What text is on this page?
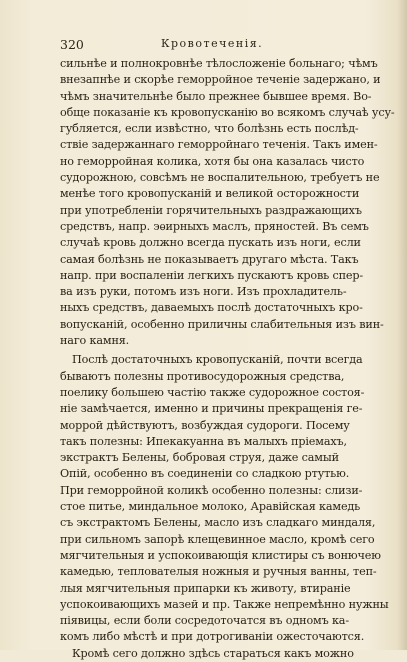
320	Кровотеченія.
сильнѣе и полнокровнѣе тѣлосложеніе больнаго; чѣмъ
внезапнѣе и скорѣе геморройное теченіе задержано, и
чѣмъ значительнѣе было прежнее бывшее время. Во-
обще показаніе къ кровопусканію во всякомъ случаѣ усу-
губляется, если извѣстно, что болѣзнь есть послѣд-
ствіе задержаннаго геморройнаго теченія. Такъ имен-
но геморройная колика, хотя бы она казалась чисто
судорожною, совсѣмъ не воспалительною, требуетъ не
менѣе того кровопусканій и великой осторожности
при употребленіи горячительныхъ раздражающихъ
средствъ, напр. эѳирныхъ маслъ, пряностей. Въ семъ
случаѣ кровь должно всегда пускать изъ ноги, если
самая болѣзнь не показываетъ другаго мѣста. Такъ
напр. при воспаленіи легкихъ пускаютъ кровь спер-
ва изъ руки, потомъ изъ ноги. Изъ прохладитель-
ныхъ средствъ, даваемыхъ послѣ достаточныхъ кро-
вопусканій, особенно приличны слабительныя изъ вин-
наго камня.
Послѣ достаточныхъ кровопусканій, почти всегда
бываютъ полезны противосудорожныя средства,
поелику большею частію также судорожное состоя-
ніе замѣчается, именно и причины прекращенія ге-
моррой дѣйствуютъ, возбуждая судороги. Посему
такъ полезны: Ипекакуанна въ малыхъ пріемахъ,
экстрактъ Белены, бобровая струя, даже самый
Опій, особенно въ соединеніи со сладкою ртутью.
При геморройной коликѣ особенно полезны: слизи-
стое питье, миндальное молоко, Аравійская камедь
съ экстрактомъ Белены, масло изъ сладкаго миндаля,
при сильномъ запорѣ клещевинное масло, кромѣ сего
мягчительныя и успокоивающія клистиры съ вонючею
камедью, теплователыя ножныя и ручныя ванны, теп-
лыя мягчительныя припарки къ животу, втираніе
успокоивающихъ мазей и пр. Также непремѣнно нужны
піявицы, если боли сосредоточатся въ одномъ ка-
комъ либо мѣстѣ и при дотрогиваніи ожесточаются.
Кромѣ сего должно здѣсь стараться какъ можно
